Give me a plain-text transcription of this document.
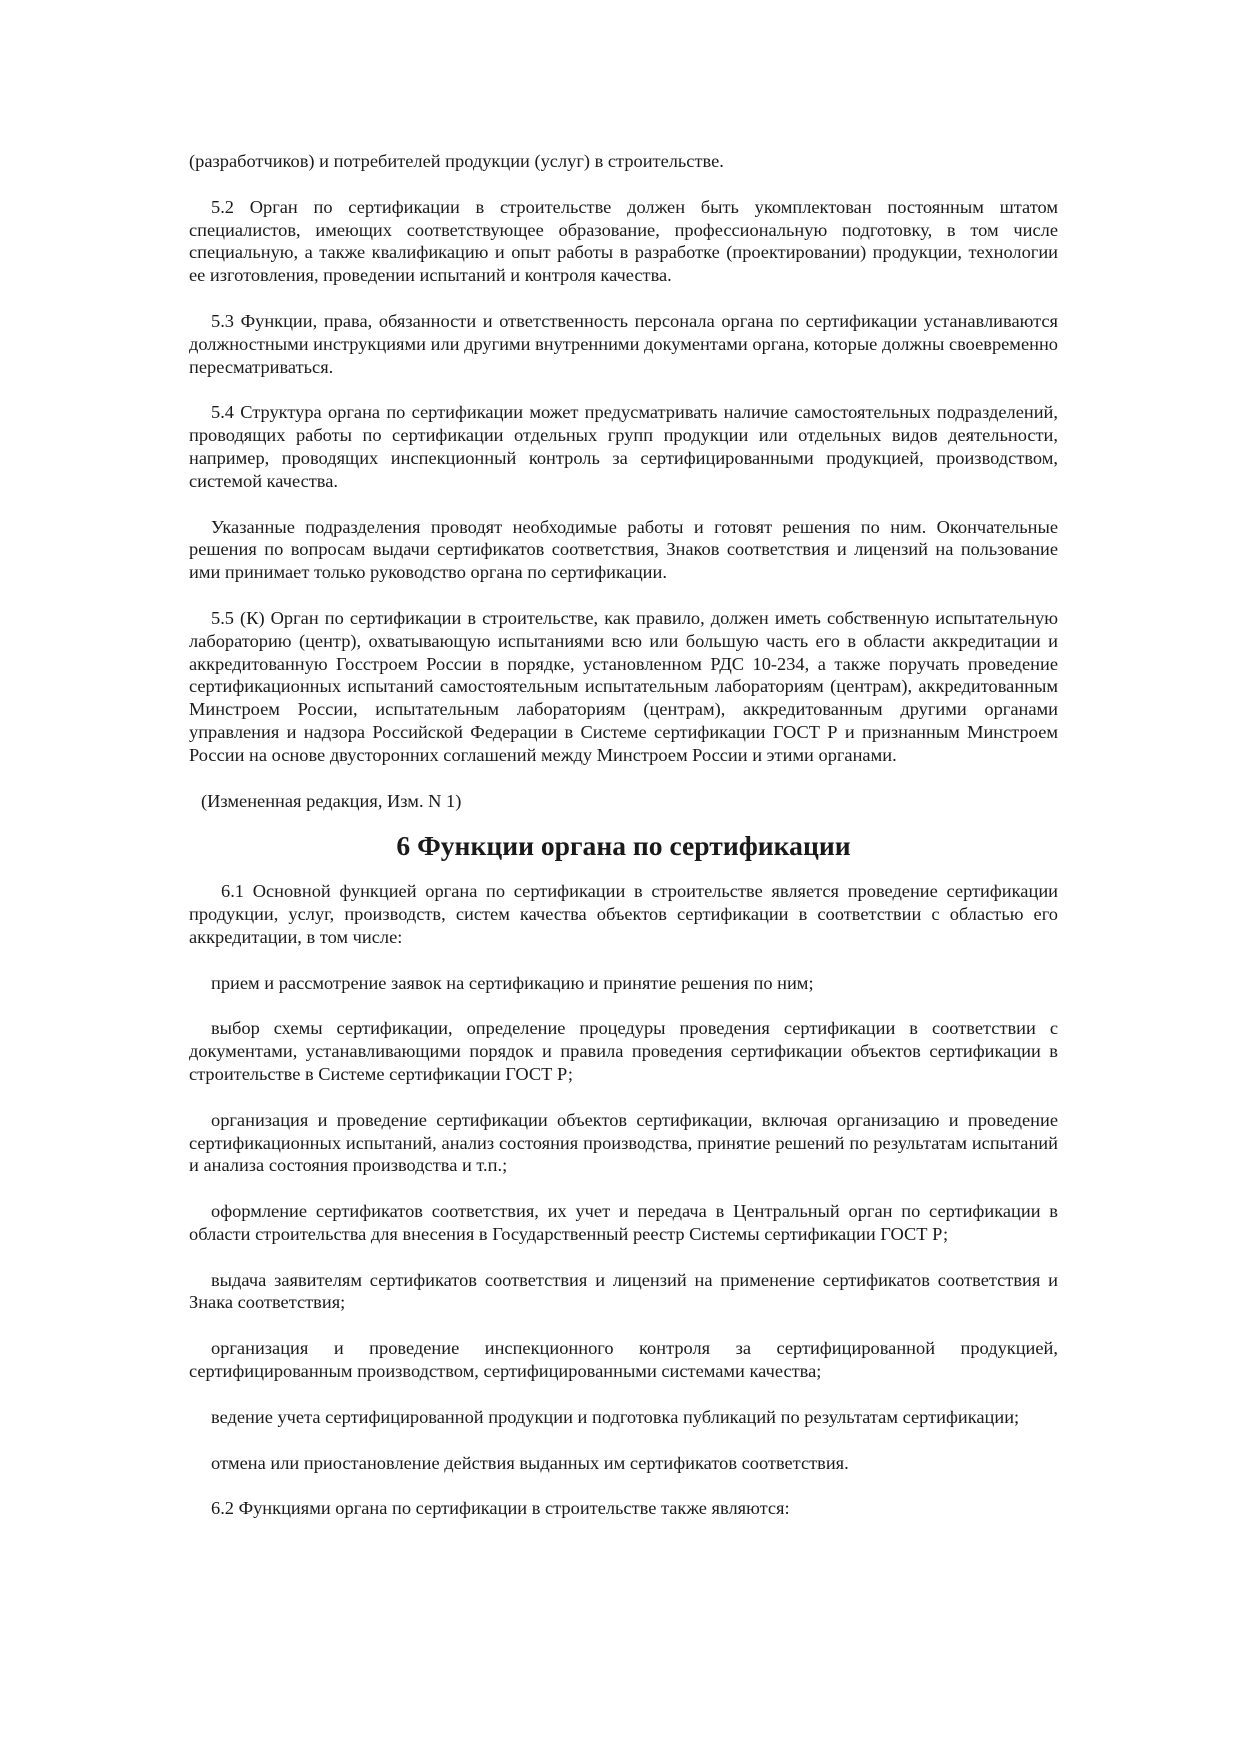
(разработчиков) и потребителей продукции (услуг) в строительстве.

5.2 Орган по сертификации в строительстве должен быть укомплектован постоянным штатом специалистов, имеющих соответствующее образование, профессиональную подготовку, в том числе специальную, а также квалификацию и опыт работы в разработке (проектировании) продукции, технологии ее изготовления, проведении испытаний и контроля качества.

5.3 Функции, права, обязанности и ответственность персонала органа по сертификации устанавливаются должностными инструкциями или другими внутренними документами органа, которые должны своевременно пересматриваться.

5.4 Структура органа по сертификации может предусматривать наличие самостоятельных подразделений, проводящих работы по сертификации отдельных групп продукции или отдельных видов деятельности, например, проводящих инспекционный контроль за сертифицированными продукцией, производством, системой качества.

Указанные подразделения проводят необходимые работы и готовят решения по ним. Окончательные решения по вопросам выдачи сертификатов соответствия, Знаков соответствия и лицензий на пользование ими принимает только руководство органа по сертификации.

5.5 (К) Орган по сертификации в строительстве, как правило, должен иметь собственную испытательную лабораторию (центр), охватывающую испытаниями всю или большую часть его в области аккредитации и аккредитованную Госстроем России в порядке, установленном РДС 10-234, а также поручать проведение сертификационных испытаний самостоятельным испытательным лабораториям (центрам), аккредитованным Минстроем России, испытательным лабораториям (центрам), аккредитованным другими органами управления и надзора Российской Федерации в Системе сертификации ГОСТ Р и признанным Минстроем России на основе двусторонних соглашений между Минстроем России и этими органами.

(Измененная редакция, Изм. N 1)

6 Функции органа по сертификации

6.1 Основной функцией органа по сертификации в строительстве является проведение сертификации продукции, услуг, производств, систем качества объектов сертификации в соответствии с областью его аккредитации, в том числе:

прием и рассмотрение заявок на сертификацию и принятие решения по ним;

выбор схемы сертификации, определение процедуры проведения сертификации в соответствии с документами, устанавливающими порядок и правила проведения сертификации объектов сертификации в строительстве в Системе сертификации ГОСТ Р;

организация и проведение сертификации объектов сертификации, включая организацию и проведение сертификационных испытаний, анализ состояния производства, принятие решений по результатам испытаний и анализа состояния производства и т.п.;

оформление сертификатов соответствия, их учет и передача в Центральный орган по сертификации в области строительства для внесения в Государственный реестр Системы сертификации ГОСТ Р;

выдача заявителям сертификатов соответствия и лицензий на применение сертификатов соответствия и Знака соответствия;

организация и проведение инспекционного контроля за сертифицированной продукцией, сертифицированным производством, сертифицированными системами качества;

ведение учета сертифицированной продукции и подготовка публикаций по результатам сертификации;

отмена или приостановление действия выданных им сертификатов соответствия.

6.2 Функциями органа по сертификации в строительстве также являются:
